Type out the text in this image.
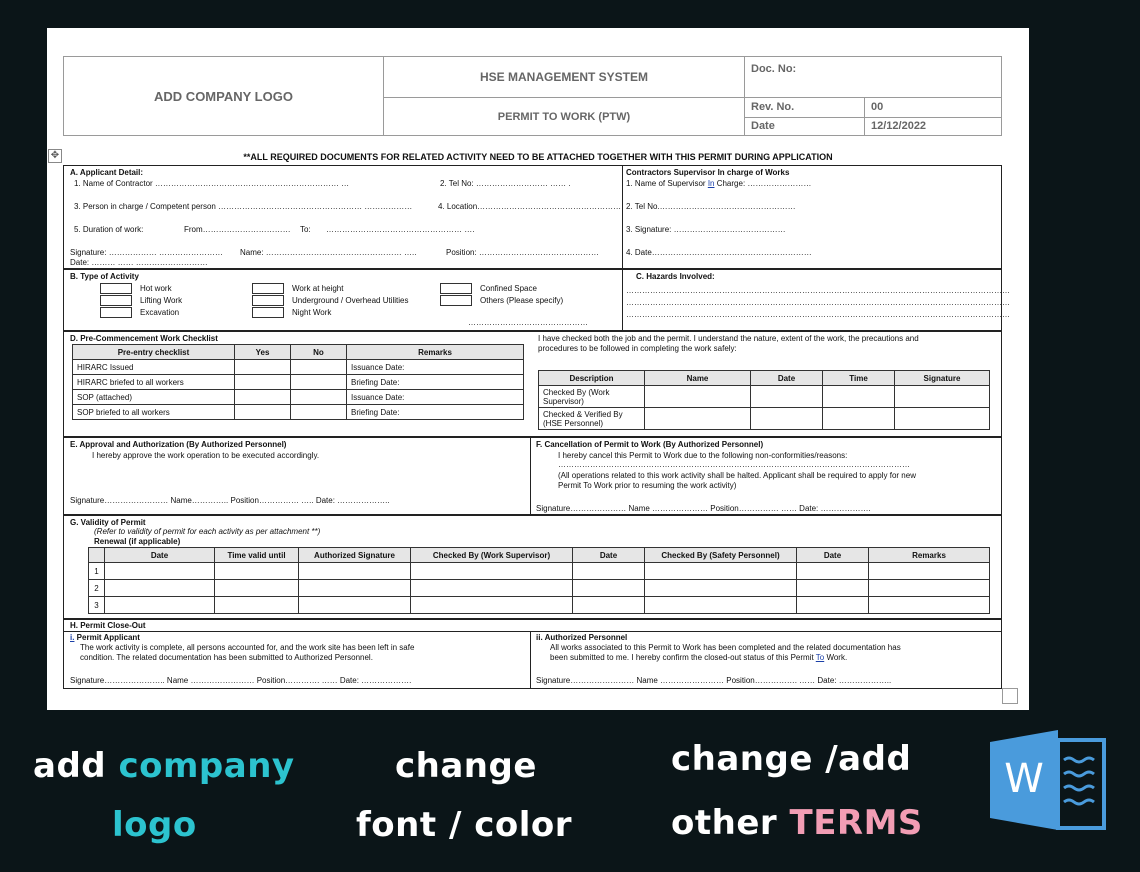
ADD COMPANY LOGO
HSE MANAGEMENT SYSTEM
PERMIT TO WORK (PTW)
Doc. No:
Rev. No.	00
Date	12/12/2022
✥	**ALL REQUIRED DOCUMENTS FOR RELATED ACTIVITY NEED TO BE ATTACHED TOGETHER WITH THIS PERMIT DURING APPLICATION
A. Applicant Detail:
1. Name of Contractor …………………………………………………………… …	2. Tel No: ……………………… …… .
3. Person in charge / Competent person ……………………………………………… ………………	4. Location………………………………………………
5. Duration of work:	From…………………………… To: …………………………………………… ….
Signature: ……………… …………………… Name: …………………………………………… …..	Position: ………………………………………
Date: ……… …… ………………………
Contractors Supervisor In charge of Works
1. Name of Supervisor In Charge: ……………………
2. Tel No.……………………………………………
3. Signature: ……………………………………
4. Date……………………………………………………
B. Type of Activity
Hot work
Lifting Work
Excavation
Work at height
Underground / Overhead Utilities
Night Work
Confined Space
Others (Please specify)
………………………………………
C. Hazards Involved:
………………………………………………………………………………………………………………………………
………………………………………………………………………………………………………………………………
………………………………………………………………………………………………………………………………
D. Pre-Commencement Work Checklist
Pre-entry checklist	Yes	No	Remarks
HIRARC Issued			Issuance Date:
HIRARC briefed to all workers			Briefing Date:
SOP (attached)			Issuance Date:
SOP briefed to all workers			Briefing Date:
I have checked both the job and the permit. I understand the nature, extent of the work, the precautions and
procedures to be followed in completing the work safely:
Description	Name	Date	Time	Signature
Checked By (Work Supervisor)				
Checked & Verified By (HSE Personnel)				
E. Approval and Authorization (By Authorized Personnel)
I hereby approve the work operation to be executed accordingly.
Signature…………………… Name………….. Position…………… ….. Date: ………………..
F. Cancellation of Permit to Work (By Authorized Personnel)
I hereby cancel this Permit to Work due to the following non-conformities/reasons:
……………………………………………………………………………………………………………………
(All operations related to this work activity shall be halted. Applicant shall be required to apply for new
Permit To Work prior to resuming the work activity)
Signature………………… Name ………………… Position…………… …… Date: ……………….
G. Validity of Permit
(Refer to validity of permit for each activity as per attachment **)
Renewal (if applicable)
	Date	Time valid until	Authorized Signature	Checked By (Work Supervisor)	Date	Checked By (Safety Personnel)	Date	Remarks
1								
2								
3								
H. Permit Close-Out
i. Permit Applicant
The work activity is complete, all persons accounted for, and the work site has been left in safe
condition. The related documentation has been submitted to Authorized Personnel.
Signature………………….. Name …………………… Position…………. …… Date: ……………….
ii. Authorized Personnel
All works associated to this Permit to Work has been completed and the related documentation has
been submitted to me. I hereby confirm the closed-out status of this Permit To Work.
Signature…………………… Name …………………… Position……………. …… Date: ………………..
add company
logo
change
font / color
change /add
other TERMS
W
